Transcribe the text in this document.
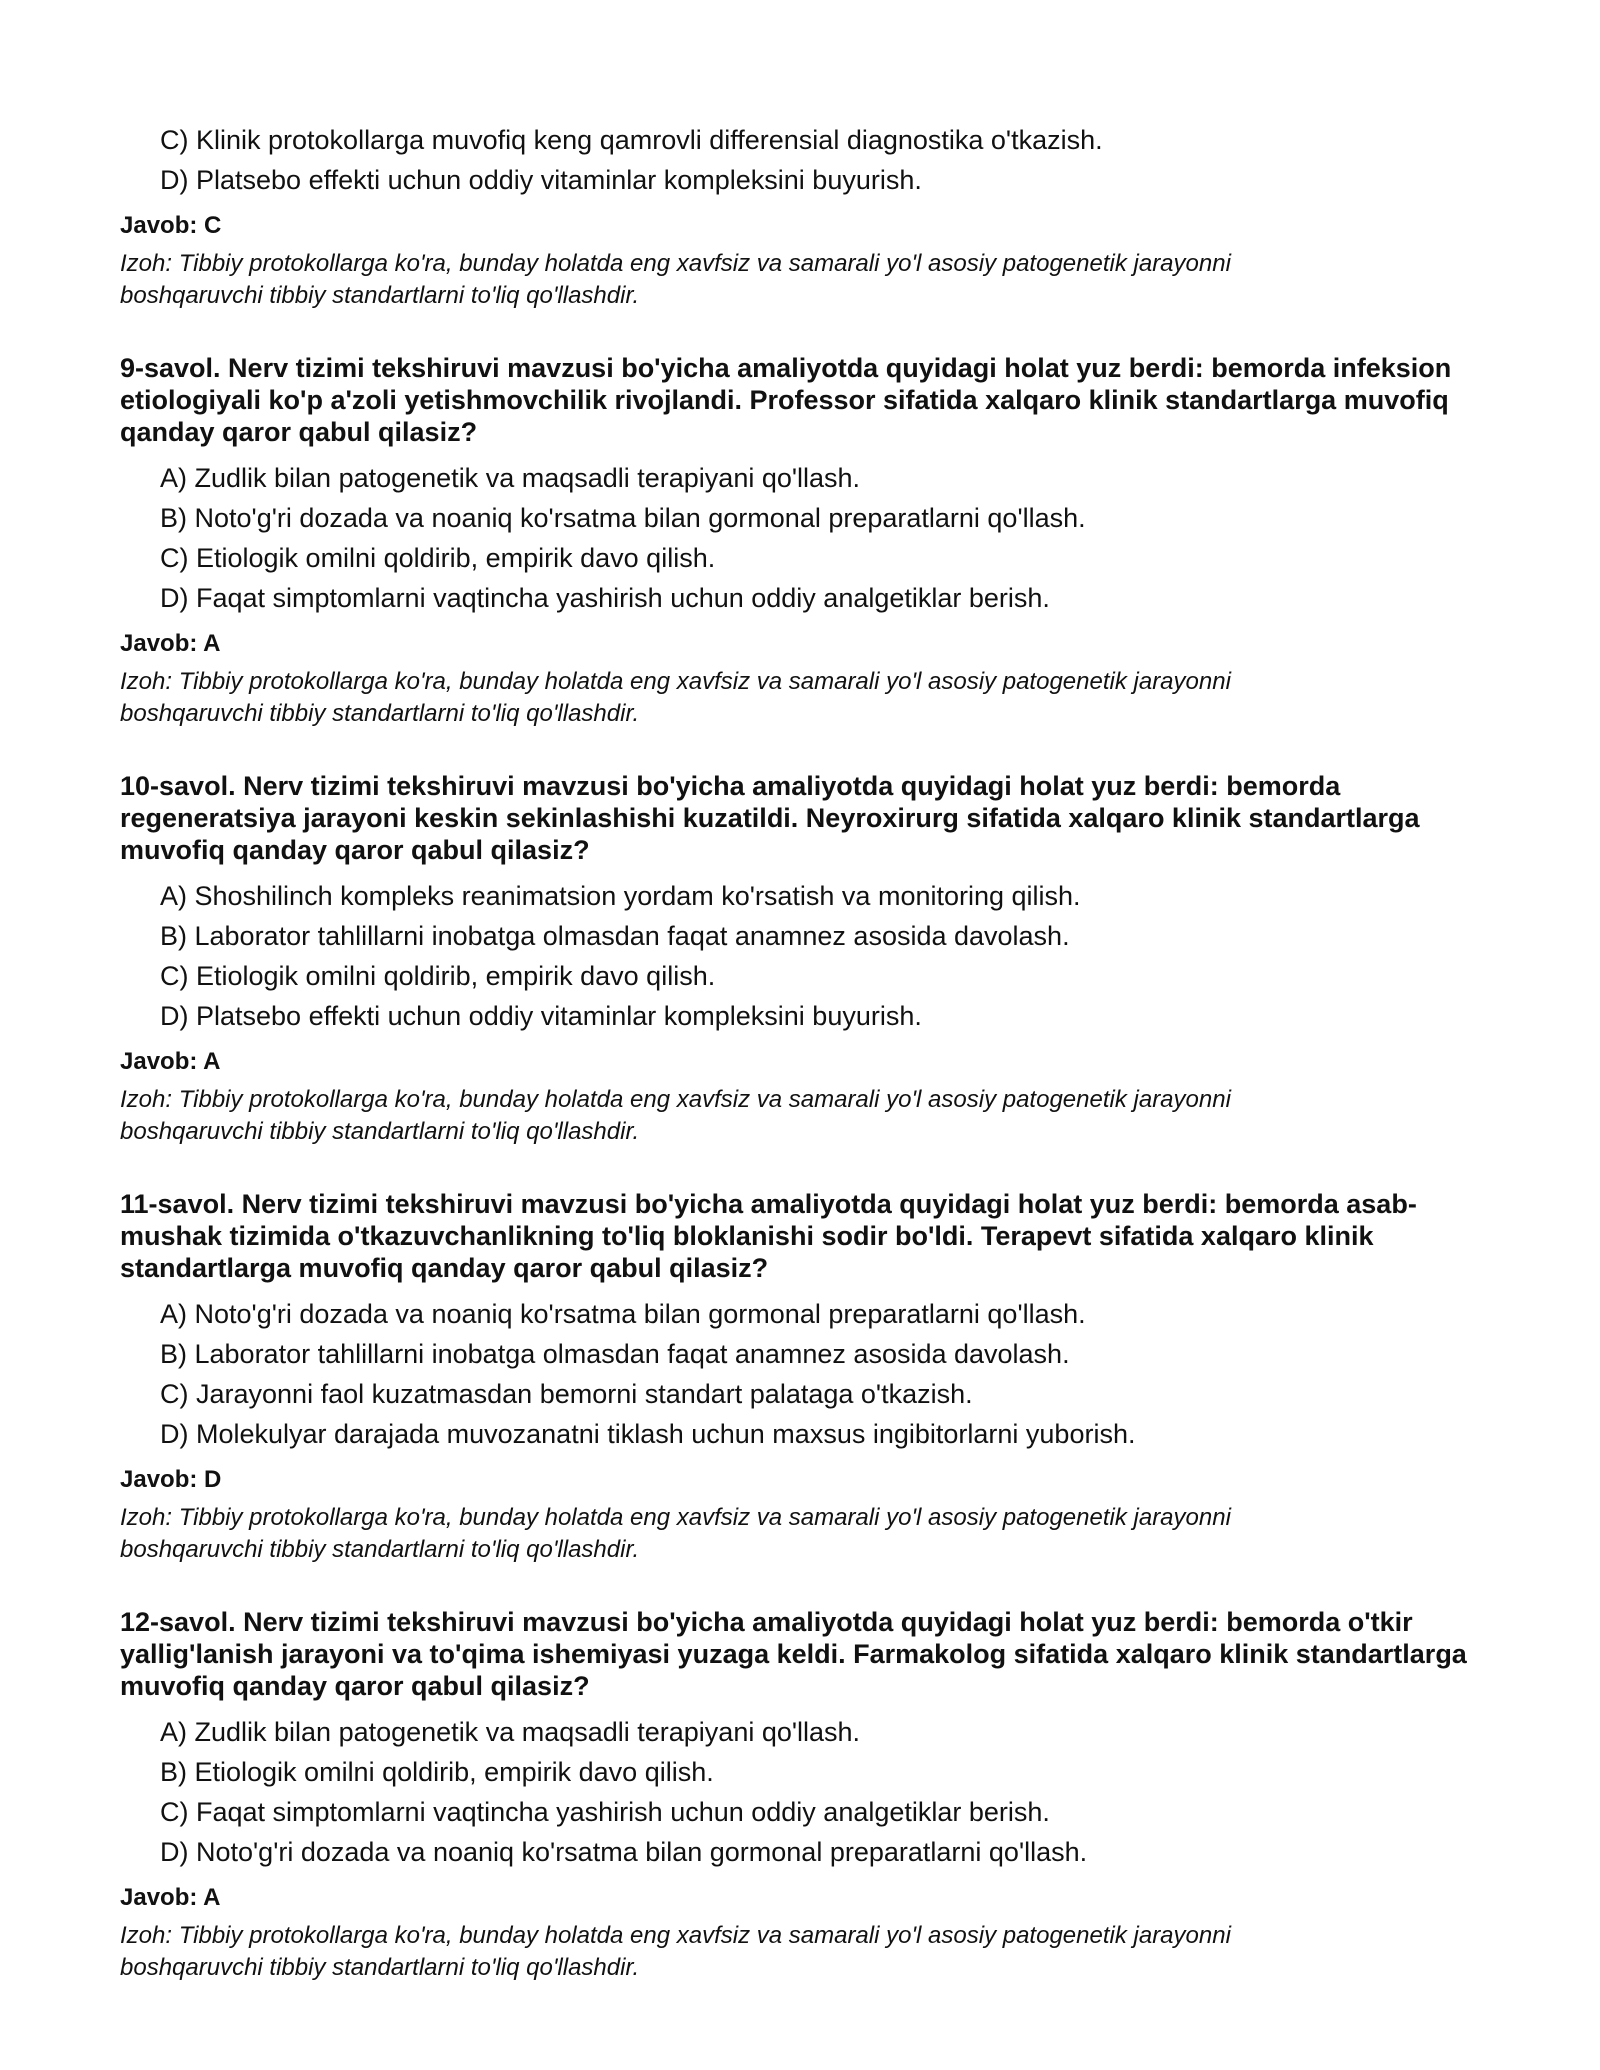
C) Klinik protokollarga muvofiq keng qamrovli differensial diagnostika o'tkazish.
D) Platsebo effekti uchun oddiy vitaminlar kompleksini buyurish.
Javob: C
Izoh: Tibbiy protokollarga ko'ra, bunday holatda eng xavfsiz va samarali yo'l asosiy patogenetik jarayonni boshqaruvchi tibbiy standartlarni to'liq qo'llashdir.
9-savol. Nerv tizimi tekshiruvi mavzusi bo'yicha amaliyotda quyidagi holat yuz berdi: bemorda infeksion etiologiyali ko'p a'zoli yetishmovchilik rivojlandi. Professor sifatida xalqaro klinik standartlarga muvofiq qanday qaror qabul qilasiz?
A) Zudlik bilan patogenetik va maqsadli terapiyani qo'llash.
B) Noto'g'ri dozada va noaniq ko'rsatma bilan gormonal preparatlarni qo'llash.
C) Etiologik omilni qoldirib, empirik davo qilish.
D) Faqat simptomlarni vaqtincha yashirish uchun oddiy analgetiklar berish.
Javob: A
Izoh: Tibbiy protokollarga ko'ra, bunday holatda eng xavfsiz va samarali yo'l asosiy patogenetik jarayonni boshqaruvchi tibbiy standartlarni to'liq qo'llashdir.
10-savol. Nerv tizimi tekshiruvi mavzusi bo'yicha amaliyotda quyidagi holat yuz berdi: bemorda regeneratsiya jarayoni keskin sekinlashishi kuzatildi. Neyroxirurg sifatida xalqaro klinik standartlarga muvofiq qanday qaror qabul qilasiz?
A) Shoshilinch kompleks reanimatsion yordam ko'rsatish va monitoring qilish.
B) Laborator tahlillarni inobatga olmasdan faqat anamnez asosida davolash.
C) Etiologik omilni qoldirib, empirik davo qilish.
D) Platsebo effekti uchun oddiy vitaminlar kompleksini buyurish.
Javob: A
Izoh: Tibbiy protokollarga ko'ra, bunday holatda eng xavfsiz va samarali yo'l asosiy patogenetik jarayonni boshqaruvchi tibbiy standartlarni to'liq qo'llashdir.
11-savol. Nerv tizimi tekshiruvi mavzusi bo'yicha amaliyotda quyidagi holat yuz berdi: bemorda asab-mushak tizimida o'tkazuvchanlikning to'liq bloklanishi sodir bo'ldi. Terapevt sifatida xalqaro klinik standartlarga muvofiq qanday qaror qabul qilasiz?
A) Noto'g'ri dozada va noaniq ko'rsatma bilan gormonal preparatlarni qo'llash.
B) Laborator tahlillarni inobatga olmasdan faqat anamnez asosida davolash.
C) Jarayonni faol kuzatmasdan bemorni standart palataga o'tkazish.
D) Molekulyar darajada muvozanatni tiklash uchun maxsus ingibitorlarni yuborish.
Javob: D
Izoh: Tibbiy protokollarga ko'ra, bunday holatda eng xavfsiz va samarali yo'l asosiy patogenetik jarayonni boshqaruvchi tibbiy standartlarni to'liq qo'llashdir.
12-savol. Nerv tizimi tekshiruvi mavzusi bo'yicha amaliyotda quyidagi holat yuz berdi: bemorda o'tkir yallig'lanish jarayoni va to'qima ishemiyasi yuzaga keldi. Farmakolog sifatida xalqaro klinik standartlarga muvofiq qanday qaror qabul qilasiz?
A) Zudlik bilan patogenetik va maqsadli terapiyani qo'llash.
B) Etiologik omilni qoldirib, empirik davo qilish.
C) Faqat simptomlarni vaqtincha yashirish uchun oddiy analgetiklar berish.
D) Noto'g'ri dozada va noaniq ko'rsatma bilan gormonal preparatlarni qo'llash.
Javob: A
Izoh: Tibbiy protokollarga ko'ra, bunday holatda eng xavfsiz va samarali yo'l asosiy patogenetik jarayonni boshqaruvchi tibbiy standartlarni to'liq qo'llashdir.
